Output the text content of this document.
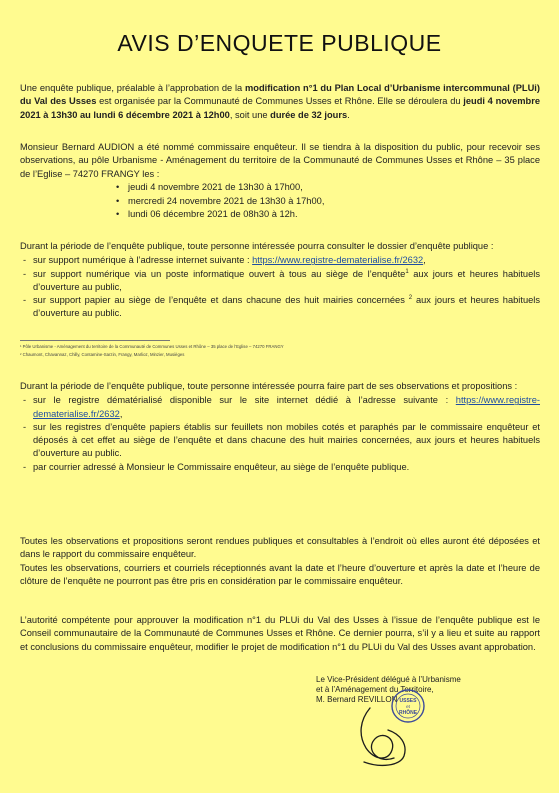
AVIS D’ENQUETE PUBLIQUE

Une enquête publique, préalable à l’approbation de la modification n°1 du Plan Local d’Urbanisme intercommunal (PLUi) du Val des Usses est organisée par la Communauté de Communes Usses et Rhône. Elle se déroulera du jeudi 4 novembre 2021 à 13h30 au lundi 6 décembre 2021 à 12h00, soit une durée de 32 jours.

Monsieur Bernard AUDION a été nommé commissaire enquêteur. Il se tiendra à la disposition du public, pour recevoir ses observations, au pôle Urbanisme - Aménagement du territoire de la Communauté de Communes Usses et Rhône – 35 place de l’Eglise – 74270 FRANGY les :
• jeudi 4 novembre 2021 de 13h30 à 17h00,
• mercredi 24 novembre 2021 de 13h30 à 17h00,
• lundi 06 décembre 2021 de 08h30 à 12h.
Durant la période de l’enquête publique, toute personne intéressée pourra consulter le dossier d’enquête publique :
- sur support numérique à l’adresse internet suivante : https://www.registre-dematerialise.fr/2632,
- sur support numérique via un poste informatique ouvert à tous au siège de l’enquête$^1$ aux jours et heures habituels d’ouverture au public,
- sur support papier au siège de l’enquête et dans chacune des huit mairies concernées $^2$ aux jours et heures habituels d’ouverture au public.
¹ Pôle Urbanisme - Aménagement du territoire de la Communauté de Communes Usses et Rhône – 35 place de l’Eglise – 74270 FRANGY
² Chaumont, Chavannaz, Chilly, Contamine-Sarzin, Frangy, Marlioz, Minzier, Musièges
Durant la période de l’enquête publique, toute personne intéressée pourra faire part de ses observations et propositions :
- sur le registre dématérialisé disponible sur le site internet dédié à l’adresse suivante : https://www.registre-dematerialise.fr/2632,
- sur les registres d’enquête papiers établis sur feuillets non mobiles cotés et paraphés par le commissaire enquêteur et déposés à cet effet au siège de l’enquête et dans chacune des huit mairies concernées, aux jours et heures habituels d’ouverture au public.
- par courrier adressé à Monsieur le Commissaire enquêteur, au siège de l’enquête publique.
Toutes les observations et propositions seront rendues publiques et consultables à l’endroit où elles auront été déposées et dans le rapport du commissaire enquêteur.
Toutes les observations, courriers et courriels réceptionnés avant la date et l’heure d’ouverture et après la date et l’heure de clôture de l’enquête ne pourront pas être pris en considération par le commissaire enquêteur.
L’autorité compétente pour approuver la modification n°1 du PLUi du Val des Usses à l’issue de l’enquête publique est le Conseil communautaire de la Communauté de Communes Usses et Rhône. Ce dernier pourra, s’il y a lieu et suite au rapport et conclusions du commissaire enquêteur, modifier le projet de modification n°1 du PLUi du Val des Usses avant approbation.
Le Vice-Président délégué à l’Urbanisme
et à l’Aménagement du Territoire,
M. Bernard REVILLON USSES
et
RHÔNE
